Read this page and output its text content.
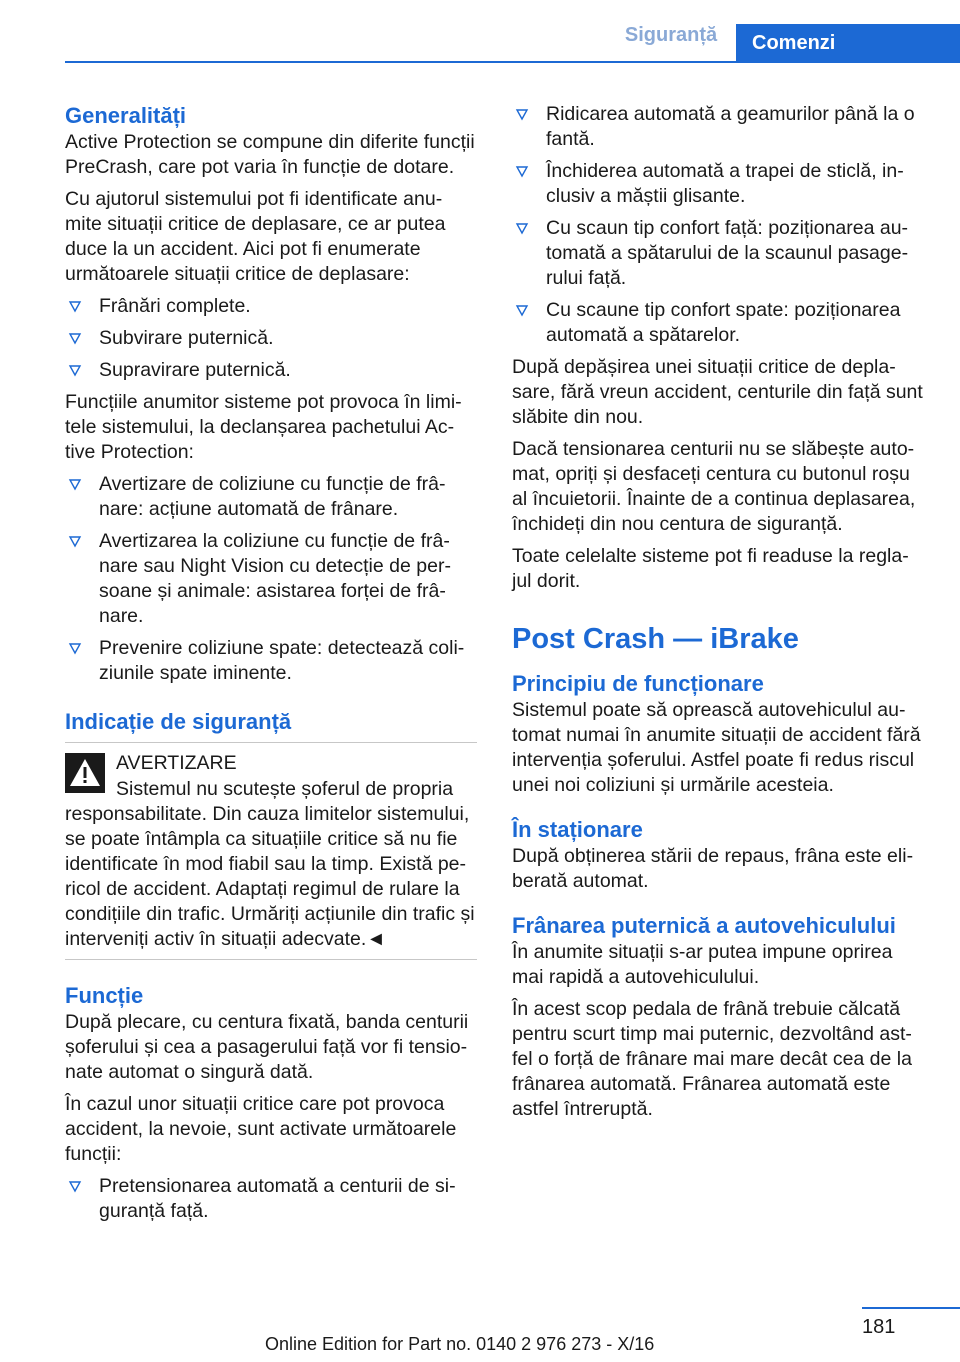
Siguranță	Comenzi
Generalități

Active Protection se compune din diferite funcții PreCrash, care pot varia în funcție de dotare.

Cu ajutorul sistemului pot fi identificate anu-mite situații critice de deplasare, ce ar putea duce la un accident. Aici pot fi enumerate următoarele situații critice de deplasare:

Frânări complete.
Subvirare puternică.
Supravirare puternică.

Funcțiile anumitor sisteme pot provoca în limi-tele sistemului, la declanșarea pachetului Ac-tive Protection:

Avertizare de coliziune cu funcție de frâ-nare: acțiune automată de frânare.
Avertizarea la coliziune cu funcție de frâ-nare sau Night Vision cu detecție de per-soane și animale: asistarea forței de frâ-nare.
Prevenire coliziune spate: detectează coli-ziunile spate iminente.
Indicație de siguranță
AVERTIZARE

Sistemul nu scutește șoferul de propria responsabilitate. Din cauza limitelor sistemului, se poate întâmpla ca situațiile critice să nu fie identificate în mod fiabil sau la timp. Există pe-ricol de accident. Adaptați regimul de rulare la condițiile din trafic. Urmăriți acțiunile din trafic și interveniți activ în situații adecvate.◄

Funcție

După plecare, cu centura fixată, banda centurii șoferului și cea a pasagerului față vor fi tensio-nate automat o singură dată.

În cazul unor situații critice care pot provoca accident, la nevoie, sunt activate următoarele funcții:

Pretensionarea automată a centurii de si-guranță față.
Ridicarea automată a geamurilor până la o fantă.
Închiderea automată a trapei de sticlă, in-clusiv a măștii glisante.
Cu scaun tip confort față: poziționarea au-tomată a spătarului de la scaunul pasage-rului față.
Cu scaune tip confort spate: poziționarea automată a spătarelor.

După depășirea unei situații critice de depla-sare, fără vreun accident, centurile din față sunt slăbite din nou.

Dacă tensionarea centurii nu se slăbește auto-mat, opriți și desfaceți centura cu butonul roșu al încuietorii. Înainte de a continua deplasarea, închideți din nou centura de siguranță.

Toate celelalte sisteme pot fi readuse la regla-jul dorit.

Post Crash — iBrake
Principiu de funcționare

Sistemul poate să oprească autovehiculul au-tomat numai în anumite situații de accident fără intervenția șoferului. Astfel poate fi redus riscul unei noi coliziuni și urmările acesteia.

În staționare

După obținerea stării de repaus, frâna este eli-berată automat.

Frânarea puternică a autovehiculului

În anumite situații s-ar putea impune oprirea mai rapidă a autovehiculului.

În acest scop pedala de frână trebuie călcată pentru scurt timp mai puternic, dezvoltând ast-fel o forță de frânare mai mare decât cea de la frânarea automată. Frânarea automată este astfel întreruptă.

181
Online Edition for Part no. 0140 2 976 273 - X/16
